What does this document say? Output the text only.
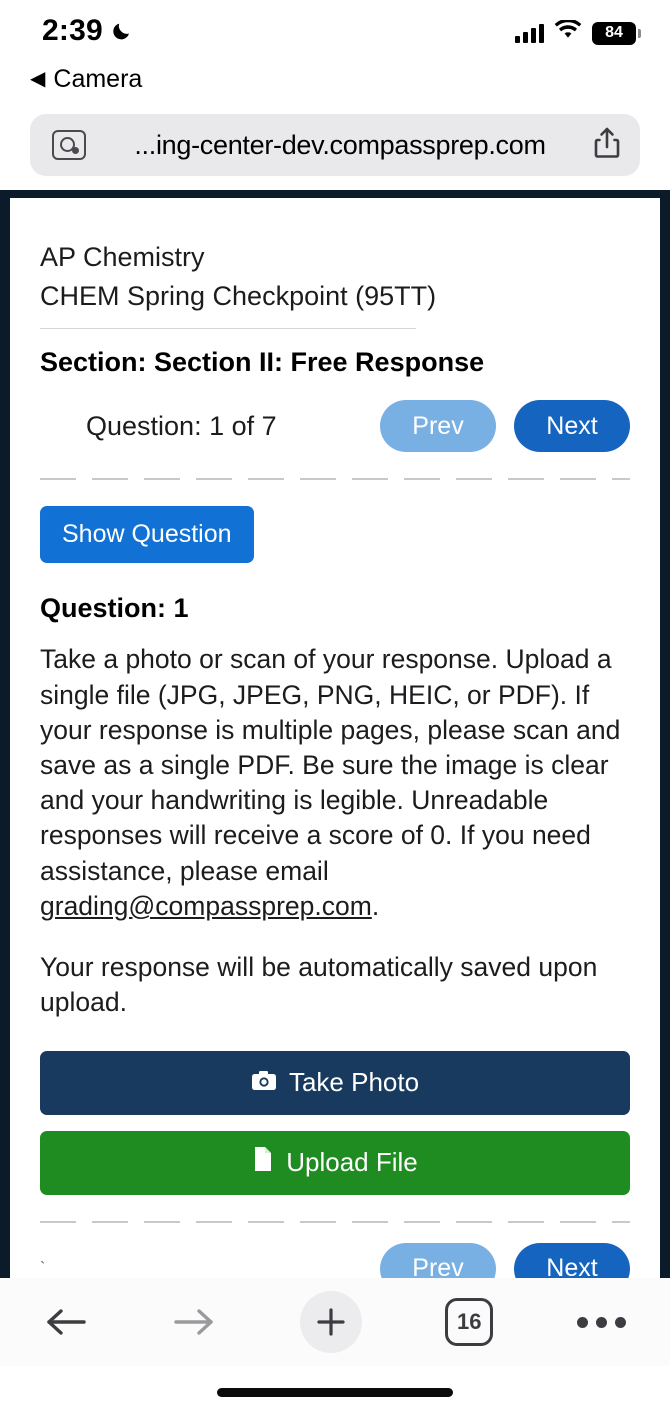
2:39	84
◀ Camera
...ing-center-dev.compassprep.com
AP Chemistry
CHEM Spring Checkpoint (95TT)
Section: Section II: Free Response
Question: 1 of 7	Prev	Next
Show Question
Question: 1

Take a photo or scan of your response. Upload a single file (JPG, JPEG, PNG, HEIC, or PDF). If your response is multiple pages, please scan and save as a single PDF. Be sure the image is clear and your handwriting is legible. Unreadable responses will receive a score of 0. If you need assistance, please email grading@compassprep.com.

Your response will be automatically saved upon upload.

Take Photo
Upload File
`	Prev	Next
16
